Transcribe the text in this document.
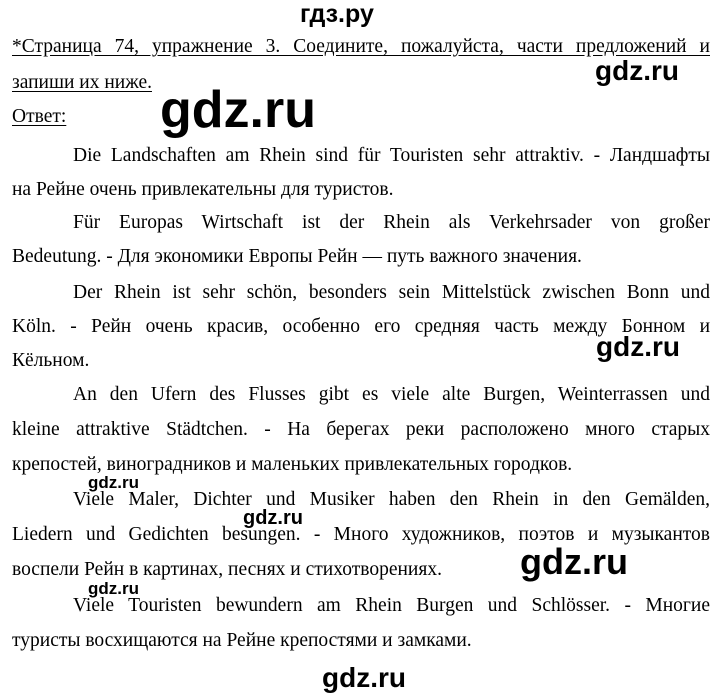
гдз.ру
*Страница 74, упражнение 3. Соедините, пожалуйста, части предложений и
запиши их ниже.
Ответ:
Die Landschaften am Rhein sind für Touristen sehr attraktiv. - Ландшафты
на Рейне очень привлекательны для туристов.
Für Europas Wirtschaft ist der Rhein als Verkehrsader von großer
Bedeutung. - Для экономики Европы Рейн — путь важного значения.
Der Rhein ist sehr schön, besonders sein Mittelstück zwischen Bonn und
Köln. - Рейн очень красив, особенно его средняя часть между Бонном и
Кёльном.
An den Ufern des Flusses gibt es viele alte Burgen, Weinterrassen und
kleine attraktive Städtchen. - На берегах реки расположено много старых
крепостей, виноградников и маленьких привлекательных городков.
Viele Maler, Dichter und Musiker haben den Rhein in den Gemälden,
Liedern und Gedichten besungen. - Много художников, поэтов и музыкантов
воспели Рейн в картинах, песнях и стихотворениях.
Viele Touristen bewundern am Rhein Burgen und Schlösser. - Многие
туристы восхищаются на Рейне крепостями и замками.
gdz.ru
gdz.ru
gdz.ru
gdz.ru
gdz.ru
gdz.ru
gdz.ru
gdz.ru
